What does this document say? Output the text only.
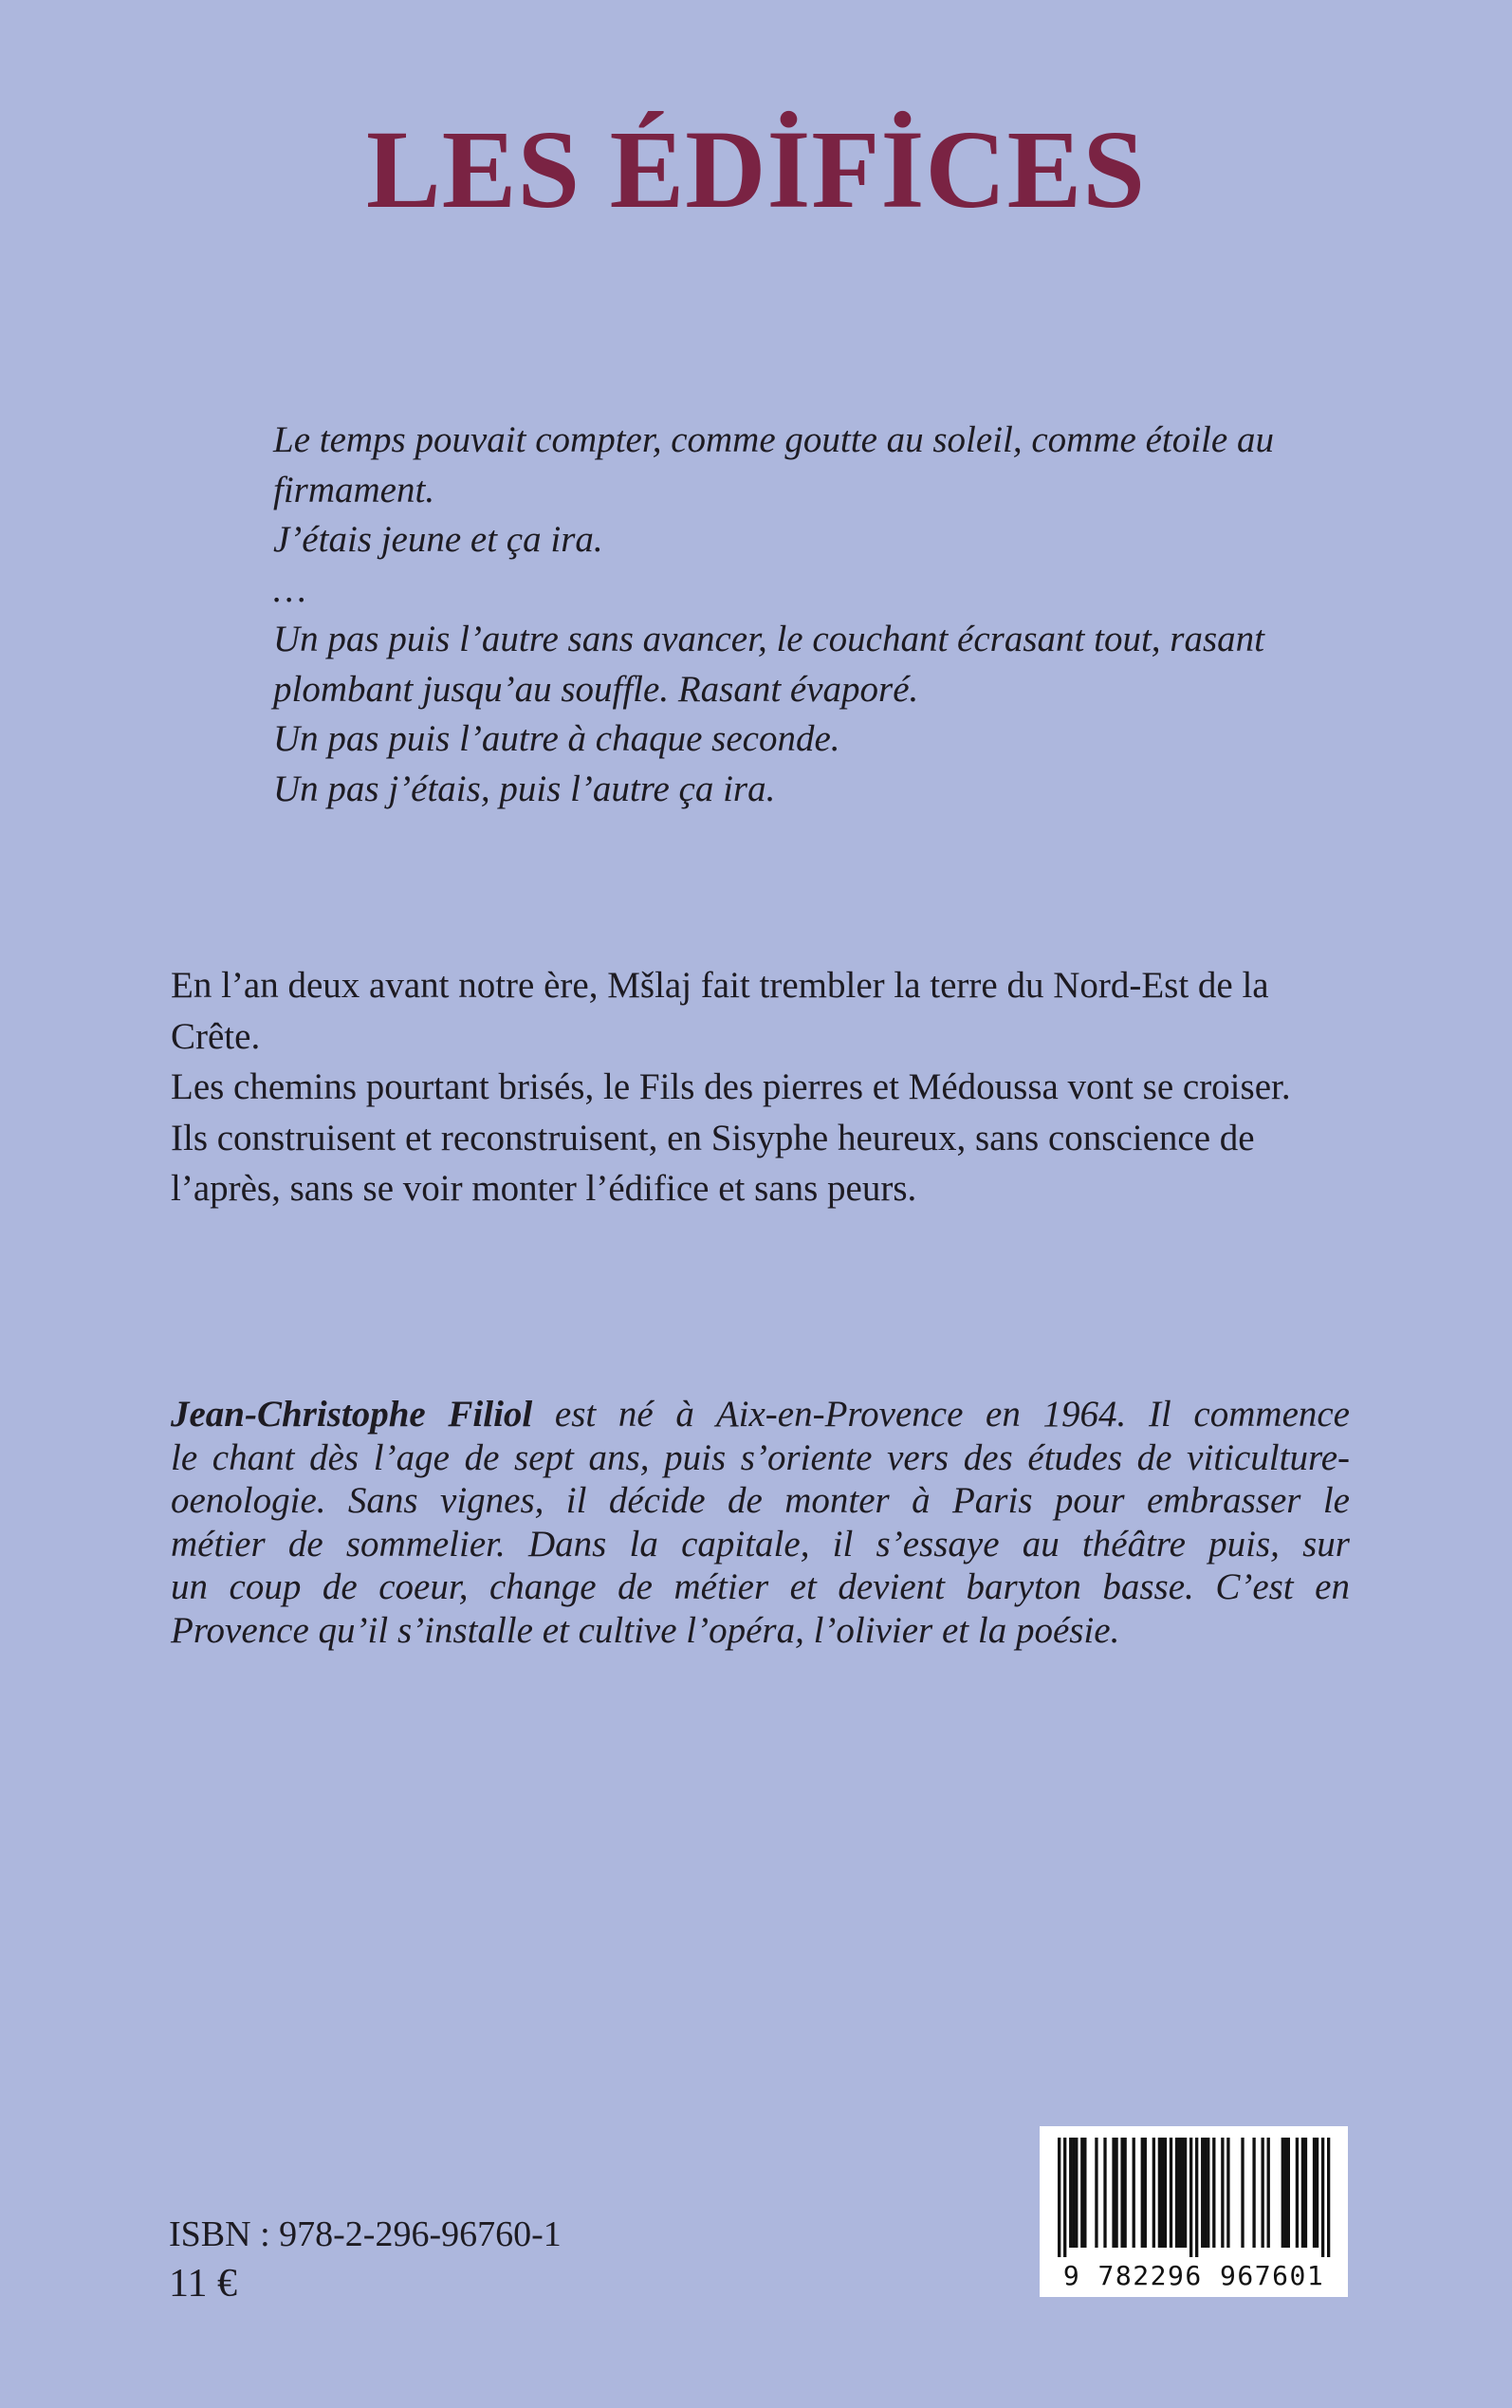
LES ÉDİFİCES
Le temps pouvait compter, comme goutte au soleil, comme étoile au
firmament.
J’étais jeune et ça ira.
…
Un pas puis l’autre sans avancer, le couchant écrasant tout, rasant
plombant jusqu’au souffle. Rasant évaporé.
Un pas puis l’autre à chaque seconde.
Un pas j’étais, puis l’autre ça ira.
En l’an deux avant notre ère, Mšlaj fait trembler la terre du Nord-Est de la
Crête.
Les chemins pourtant brisés, le Fils des pierres et Médoussa vont se croiser.
Ils construisent et reconstruisent, en Sisyphe heureux, sans conscience de
l’après, sans se voir monter l’édifice et sans peurs.
Jean-Christophe Filiol est né à Aix-en-Provence en 1964. Il commence
le chant dès l’age de sept ans, puis s’oriente vers des études de viticulture-
oenologie. Sans vignes, il décide de monter à Paris pour embrasser le
métier de sommelier. Dans la capitale, il s’essaye au théâtre puis, sur
un coup de coeur, change de métier et devient baryton basse. C’est en
Provence qu’il s’installe et cultive l’opéra, l’olivier et la poésie.
ISBN : 978-2-296-96760-1
11 €	9 782296 967601
